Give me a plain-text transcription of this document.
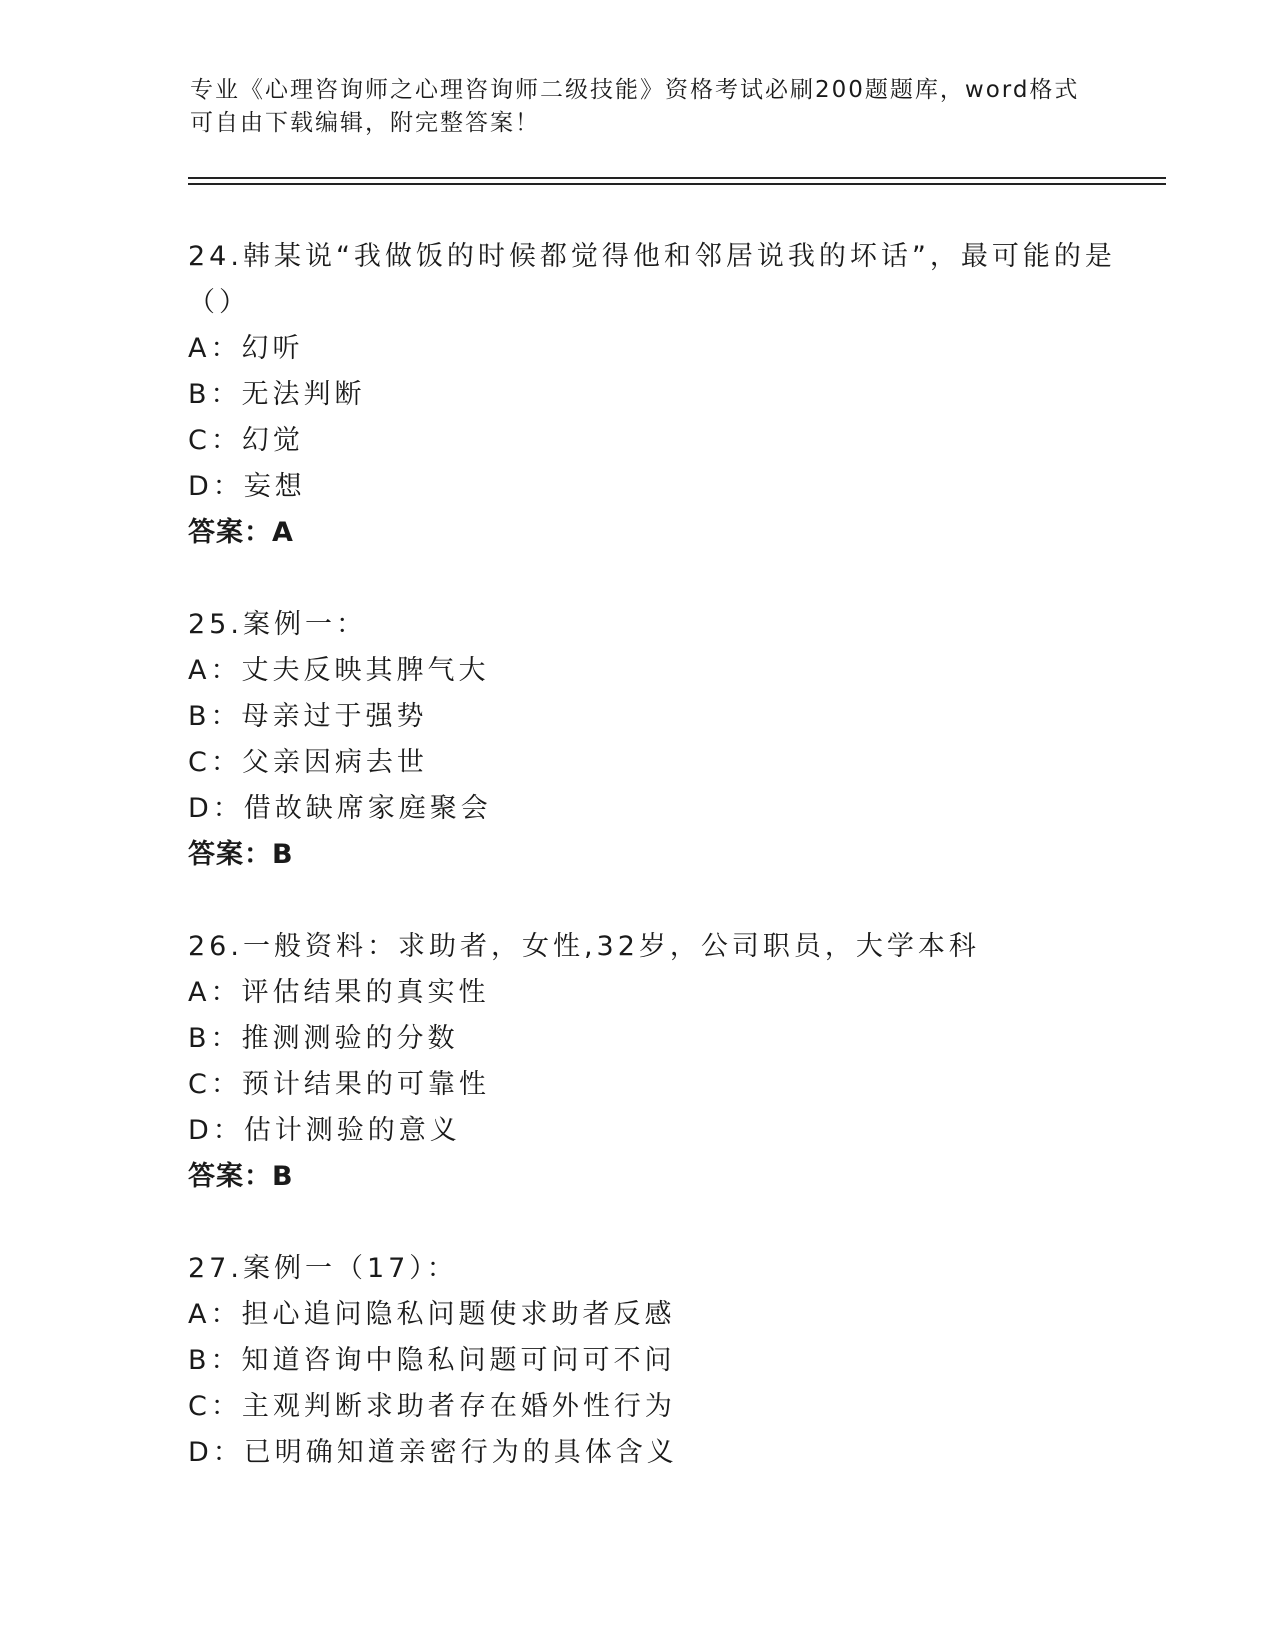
专业《心理咨询师之心理咨询师二级技能》资格考试必刷200题题库，word格式
可自由下载编辑，附完整答案！
24.韩某说“我做饭的时候都觉得他和邻居说我的坏话”，最可能的是
（）
A：幻听
B：无法判断
C：幻觉
D：妄想
答案：A
25.案例一：
A：丈夫反映其脾气大
B：母亲过于强势
C：父亲因病去世
D：借故缺席家庭聚会
答案：B
26.一般资料：求助者，女性,32岁，公司职员，大学本科
A：评估结果的真实性
B：推测测验的分数
C：预计结果的可靠性
D：估计测验的意义
答案：B
27.案例一（17）：
A：担心追问隐私问题使求助者反感
B：知道咨询中隐私问题可问可不问
C：主观判断求助者存在婚外性行为
D：已明确知道亲密行为的具体含义
